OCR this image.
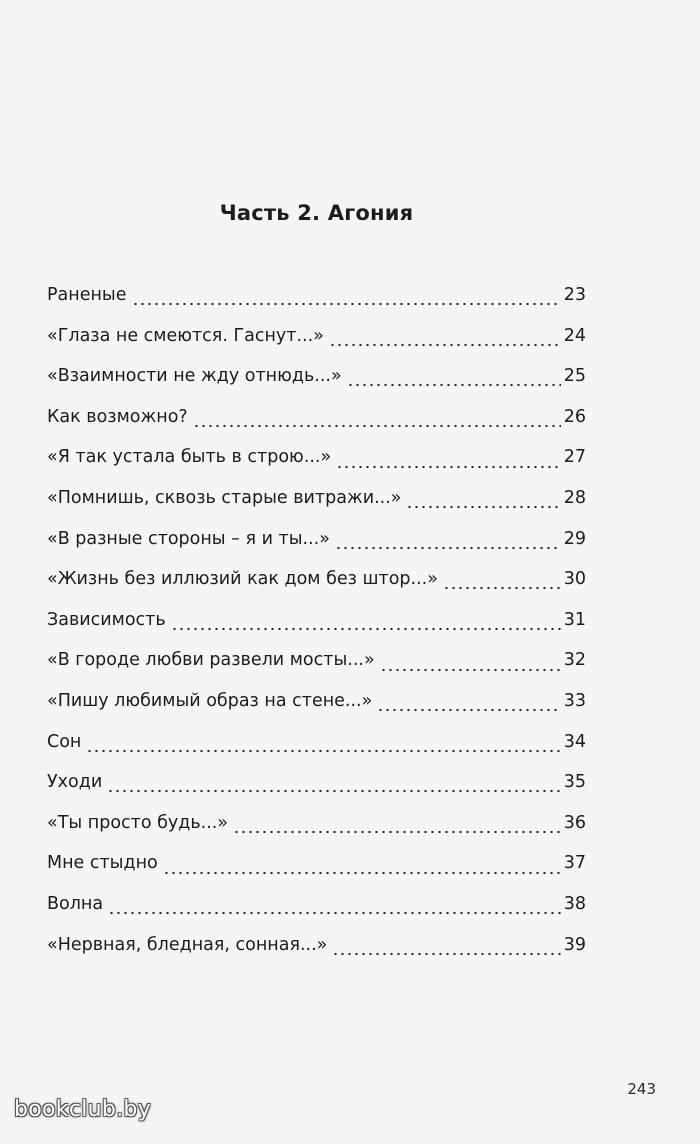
Часть 2. Агония
Раненые	23
«Глаза не смеются. Гаснут...»	24
«Взаимности не жду отнюдь...»	25
Как возможно?	26
«Я так устала быть в строю...»	27
«Помнишь, сквозь старые витражи...»	28
«В разные стороны – я и ты...»	29
«Жизнь без иллюзий как дом без штор...»	30
Зависимость	31
«В городе любви развели мосты...»	32
«Пишу любимый образ на стене...»	33
Сон	34
Уходи	35
«Ты просто будь...»	36
Мне стыдно	37
Волна	38
«Нервная, бледная, сонная...»	39
243
bookclub.by
